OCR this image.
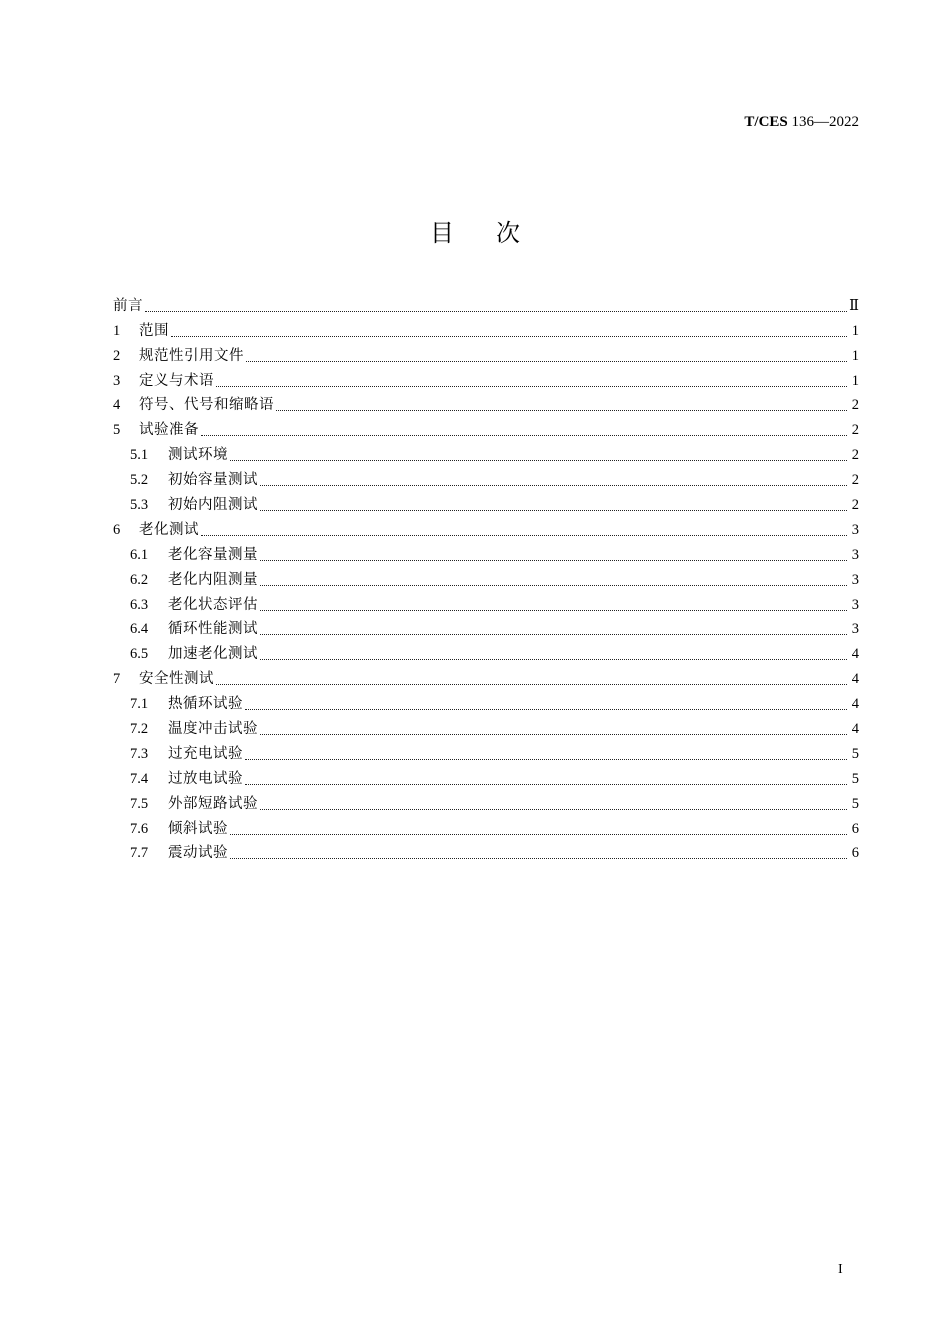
T/CES 136—2022
目次
前言	Ⅱ
1	范围	1
2	规范性引用文件	1
3	定义与术语	1
4	符号、代号和缩略语	2
5	试验准备	2
5.1	测试环境	2
5.2	初始容量测试	2
5.3	初始内阻测试	2
6	老化测试	3
6.1	老化容量测量	3
6.2	老化内阻测量	3
6.3	老化状态评估	3
6.4	循环性能测试	3
6.5	加速老化测试	4
7	安全性测试	4
7.1	热循环试验	4
7.2	温度冲击试验	4
7.3	过充电试验	5
7.4	过放电试验	5
7.5	外部短路试验	5
7.6	倾斜试验	6
7.7	震动试验	6
I
